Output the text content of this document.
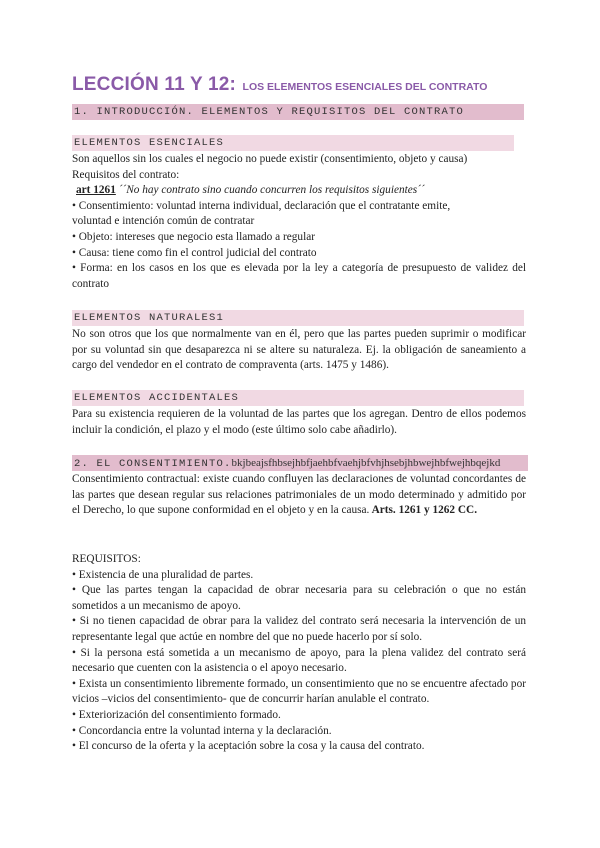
LECCIÓN 11 Y 12: LOS ELEMENTOS ESENCIALES DEL CONTRATO
1. INTRODUCCIÓN. ELEMENTOS Y REQUISITOS DEL CONTRATO
ELEMENTOS ESENCIALES
Son aquellos sin los cuales el negocio no puede existir (consentimiento, objeto y causa)
Requisitos del contrato:
art 1261 ´´No hay contrato sino cuando concurren los requisitos siguientes´´
• Consentimiento: voluntad interna individual, declaración que el contratante emite,
voluntad e intención común de contratar
• Objeto: intereses que negocio esta llamado a regular
• Causa: tiene como fin el control judicial del contrato
• Forma: en los casos en los que es elevada por la ley a categoría de presupuesto de validez del contrato
ELEMENTOS NATURALES1
No son otros que los que normalmente van en él, pero que las partes pueden suprimir o modificar por su voluntad sin que desaparezca ni se altere su naturaleza. Ej. la obligación de saneamiento a cargo del vendedor en el contrato de compraventa (arts. 1475 y 1486).
ELEMENTOS ACCIDENTALES
Para su existencia requieren de la voluntad de las partes que los agregan. Dentro de ellos podemos incluir la condición, el plazo y el modo (este último solo cabe añadirlo).
2. EL CONSENTIMIENTO.bkjbeajsfhbsejhbfjaehbfvaehjbfvhjhsebjhbwejhbfwejhbqejkd
Consentimiento contractual: existe cuando confluyen las declaraciones de voluntad concordantes de las partes que desean regular sus relaciones patrimoniales de un modo determinado y admitido por el Derecho, lo que supone conformidad en el objeto y en la causa. Arts. 1261 y 1262 CC.
REQUISITOS:
• Existencia de una pluralidad de partes.
• Que las partes tengan la capacidad de obrar necesaria para su celebración o que no están sometidos a un mecanismo de apoyo.
• Si no tienen capacidad de obrar para la validez del contrato será necesaria la intervención de un representante legal que actúe en nombre del que no puede hacerlo por sí solo.
• Si la persona está sometida a un mecanismo de apoyo, para la plena validez del contrato será necesario que cuenten con la asistencia o el apoyo necesario.
• Exista un consentimiento libremente formado, un consentimiento que no se encuentre afectado por vicios –vicios del consentimiento- que de concurrir harían anulable el contrato.
• Exteriorización del consentimiento formado.
• Concordancia entre la voluntad interna y la declaración.
• El concurso de la oferta y la aceptación sobre la cosa y la causa del contrato.
